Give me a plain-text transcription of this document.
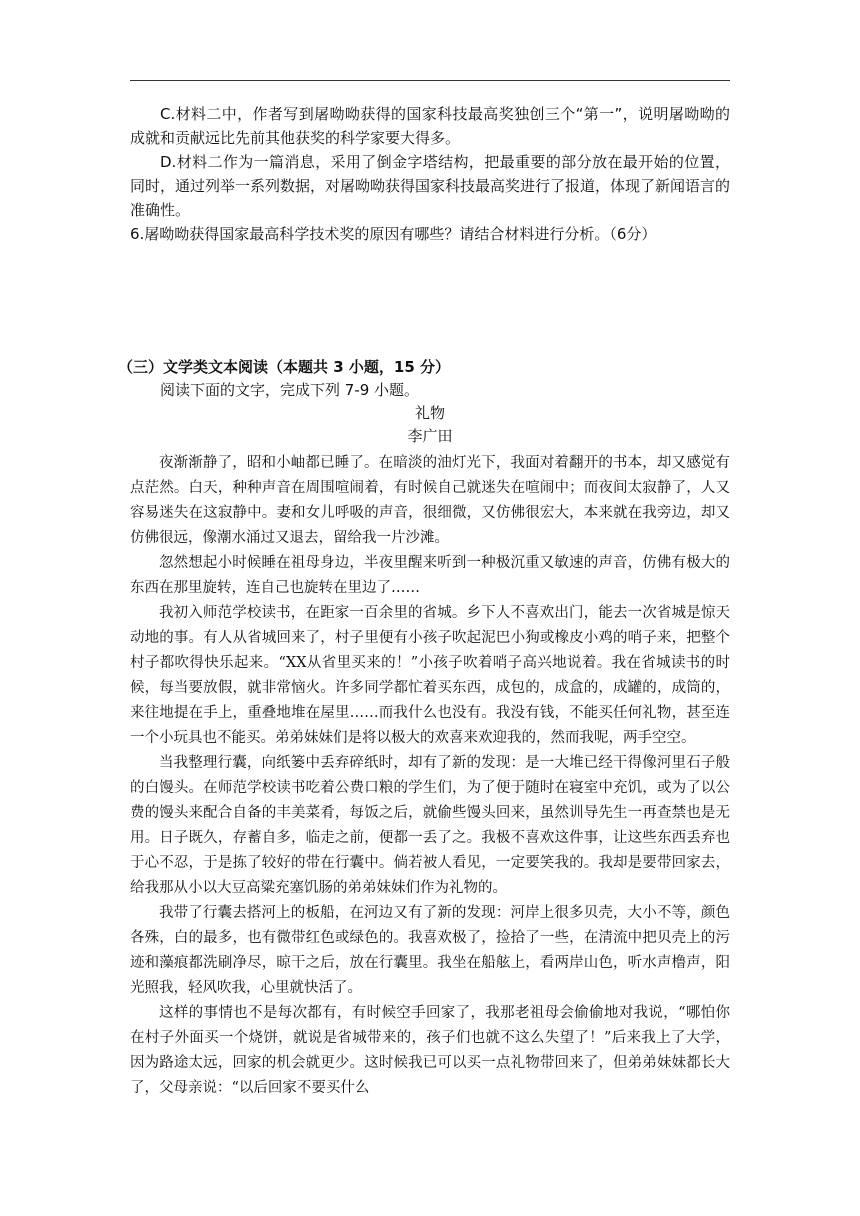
C.材料二中，作者写到屠呦呦获得的国家科技最高奖独创三个“第一”，说明屠呦呦的成就和贡献远比先前其他获奖的科学家要大得多。

D.材料二作为一篇消息，采用了倒金字塔结构，把最重要的部分放在最开始的位置，同时，通过列举一系列数据，对屠呦呦获得国家科技最高奖进行了报道，体现了新闻语言的准确性。

6.屠呦呦获得国家最高科学技术奖的原因有哪些？请结合材料进行分析。（6分）

（三）文学类文本阅读（本题共 3 小题，15 分）

阅读下面的文字，完成下列 7-9 小题。

礼物

李广田

夜渐渐静了，昭和小岫都已睡了。在暗淡的油灯光下，我面对着翻开的书本，却又感觉有点茫然。白天，种种声音在周围喧闹着，有时候自己就迷失在喧闹中；而夜间太寂静了，人又容易迷失在这寂静中。妻和女儿呼吸的声音，很细微，又仿佛很宏大，本来就在我旁边，却又仿佛很远，像潮水涌过又退去，留给我一片沙滩。

忽然想起小时候睡在祖母身边，半夜里醒来听到一种极沉重又敏速的声音，仿佛有极大的东西在那里旋转，连自己也旋转在里边了……

我初入师范学校读书，在距家一百余里的省城。乡下人不喜欢出门，能去一次省城是惊天动地的事。有人从省城回来了，村子里便有小孩子吹起泥巴小狗或橡皮小鸡的哨子来，把整个村子都吹得快乐起来。“XX从省里买来的！”小孩子吹着哨子高兴地说着。我在省城读书的时候，每当要放假，就非常恼火。许多同学都忙着买东西，成包的，成盒的，成罐的，成筒的，来往地提在手上，重叠地堆在屋里……而我什么也没有。我没有钱，不能买任何礼物，甚至连一个小玩具也不能买。弟弟妹妹们是将以极大的欢喜来欢迎我的，然而我呢，两手空空。

当我整理行囊，向纸篓中丢弃碎纸时，却有了新的发现：是一大堆已经干得像河里石子般的白馒头。在师范学校读书吃着公费口粮的学生们，为了便于随时在寝室中充饥，或为了以公费的馒头来配合自备的丰美菜肴，每饭之后，就偷些馒头回来，虽然训导先生一再查禁也是无用。日子既久，存蓄自多，临走之前，便都一丢了之。我极不喜欢这件事，让这些东西丢弃也于心不忍，于是拣了较好的带在行囊中。倘若被人看见，一定要笑我的。我却是要带回家去，给我那从小以大豆高粱充塞饥肠的弟弟妹妹们作为礼物的。

我带了行囊去搭河上的板船，在河边又有了新的发现：河岸上很多贝壳，大小不等，颜色各殊，白的最多，也有微带红色或绿色的。我喜欢极了，捡拾了一些，在清流中把贝壳上的污迹和藻痕都洗刷净尽，晾干之后，放在行囊里。我坐在船舷上，看两岸山色，听水声橹声，阳光照我，轻风吹我，心里就快活了。

这样的事情也不是每次都有，有时候空手回家了，我那老祖母会偷偷地对我说，“哪怕你在村子外面买一个烧饼，就说是省城带来的，孩子们也就不这么失望了！”后来我上了大学，因为路途太远，回家的机会就更少。这时候我已可以买一点礼物带回来了，但弟弟妹妹都长大了，父母亲说：“以后回家不要买什么
